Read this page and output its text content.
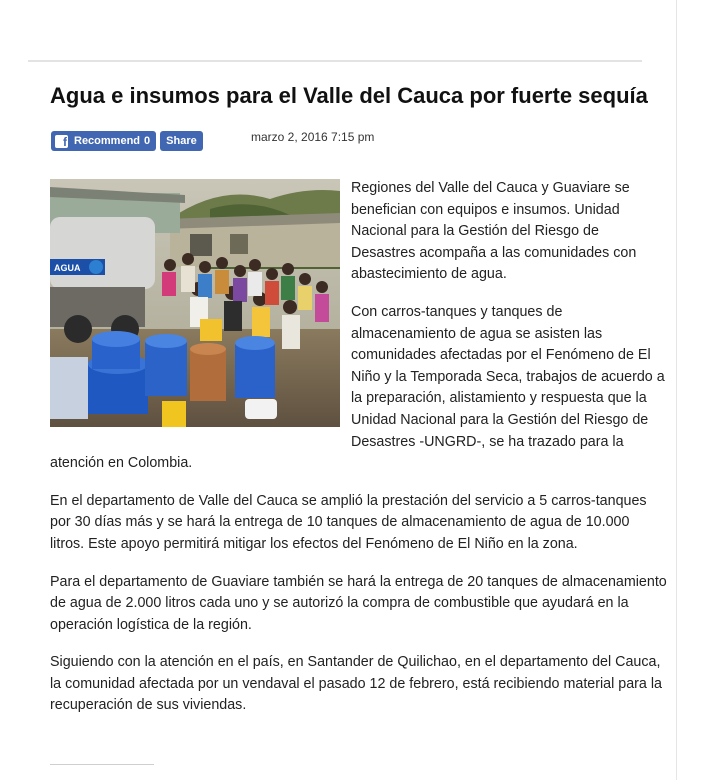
Agua e insumos para el Valle del Cauca por fuerte sequía
f Recommend 0 Share	marzo 2, 2016 7:15 pm
AGUA

Regiones del Valle del Cauca y Guaviare se benefician con equipos e insumos. Unidad Nacional para la Gestión del Riesgo de Desastres acompaña a las comunidades con abastecimiento de agua.

Con carros-tanques y tanques de almacenamiento de agua se asisten las comunidades afectadas por el Fenómeno de El Niño y la Temporada Seca, trabajos de acuerdo a la preparación, alistamiento y respuesta que la Unidad Nacional para la Gestión del Riesgo de Desastres -UNGRD-, se ha trazado para la atención en Colombia.

En el departamento de Valle del Cauca se amplió la prestación del servicio a 5 carros-tanques por 30 días más y se hará la entrega de 10 tanques de almacenamiento de agua de 10.000 litros. Este apoyo permitirá mitigar los efectos del Fenómeno de El Niño en la zona.

Para el departamento de Guaviare también se hará la entrega de 20 tanques de almacenamiento de agua de 2.000 litros cada uno y se autorizó la compra de combustible que ayudará en la operación logística de la región.

Siguiendo con la atención en el país, en Santander de Quilichao, en el departamento del Cauca, la comunidad afectada por un vendaval el pasado 12 de febrero, está recibiendo material para la recuperación de sus viviendas.
